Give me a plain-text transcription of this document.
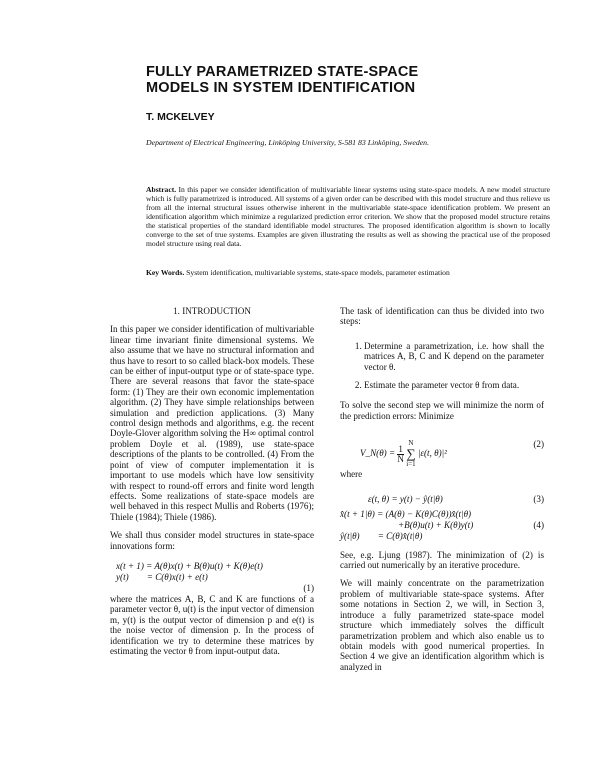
FULLY PARAMETRIZED STATE-SPACE
MODELS IN SYSTEM IDENTIFICATION
T. MCKELVEY
Department of Electrical Engineering, Linköping University, S-581 83 Linköping, Sweden.
Abstract. In this paper we consider identification of multivariable linear systems using state-space models. A new model structure which is fully parametrized is introduced. All systems of a given order can be described with this model structure and thus relieve us from all the internal structural issues otherwise inherent in the multivariable state-space identification problem. We present an identification algorithm which minimize a regularized prediction error criterion. We show that the proposed model structure retains the statistical properties of the standard identifiable model structures. The proposed identification algorithm is shown to locally converge to the set of true systems. Examples are given illustrating the results as well as showing the practical use of the proposed model structure using real data.
Key Words. System identification, multivariable systems, state-space models, parameter estimation
1. INTRODUCTION

In this paper we consider identification of multivariable linear time invariant finite dimensional systems. We also assume that we have no structural information and thus have to resort to so called black-box models. These can be either of input-output type or of state-space type. There are several reasons that favor the state-space form: (1) They are their own economic implementation algorithm. (2) They have simple relationships between simulation and prediction applications. (3) Many control design methods and algorithms, e.g. the recent Doyle-Glover algorithm solving the H∞ optimal control problem Doyle et al. (1989), use state-space descriptions of the plants to be controlled. (4) From the point of view of computer implementation it is important to use models which have low sensitivity with respect to round-off errors and finite word length effects. Some realizations of state-space models are well behaved in this respect Mullis and Roberts (1976); Thiele (1984); Thiele (1986).

We shall thus consider model structures in state-space innovations form:

x(t + 1) = A(θ)x(t) + B(θ)u(t) + K(θ)e(t)
y(t)        = C(θ)x(t) + e(t)
(1)

where the matrices A, B, C and K are functions of a parameter vector θ, u(t) is the input vector of dimension m, y(t) is the output vector of dimension p and e(t) is the noise vector of dimension p. In the process of identification we try to determine these matrices by estimating the vector θ from input-output data.

The task of identification can thus be divided into two steps:

1. Determine a parametrization, i.e. how shall the matrices A, B, C and K depend on the parameter vector θ.
2. Estimate the parameter vector θ from data.

To solve the second step we will minimize the norm of the prediction errors: Minimize

V_N(θ) = $\frac{1}{N}$

N
∑
i=1
|ε(t, θ)|²
(2)

where

ε(t, θ) = y(t) − ŷ(t|θ)	(3)
x̂(t + 1|θ) = (A(θ) − K(θ)C(θ))x̂(t|θ)
+B(θ)u(t) + K(θ)y(t)	(4)
ŷ(t|θ)        = C(θ)x̂(t|θ)

See, e.g. Ljung (1987). The minimization of (2) is carried out numerically by an iterative procedure.

We will mainly concentrate on the parametrization problem of multivariable state-space systems. After some notations in Section 2, we will, in Section 3, introduce a fully parametrized state-space model structure which immediately solves the difficult parametrization problem and which also enable us to obtain models with good numerical properties. In Section 4 we give an identification algorithm which is analyzed in
